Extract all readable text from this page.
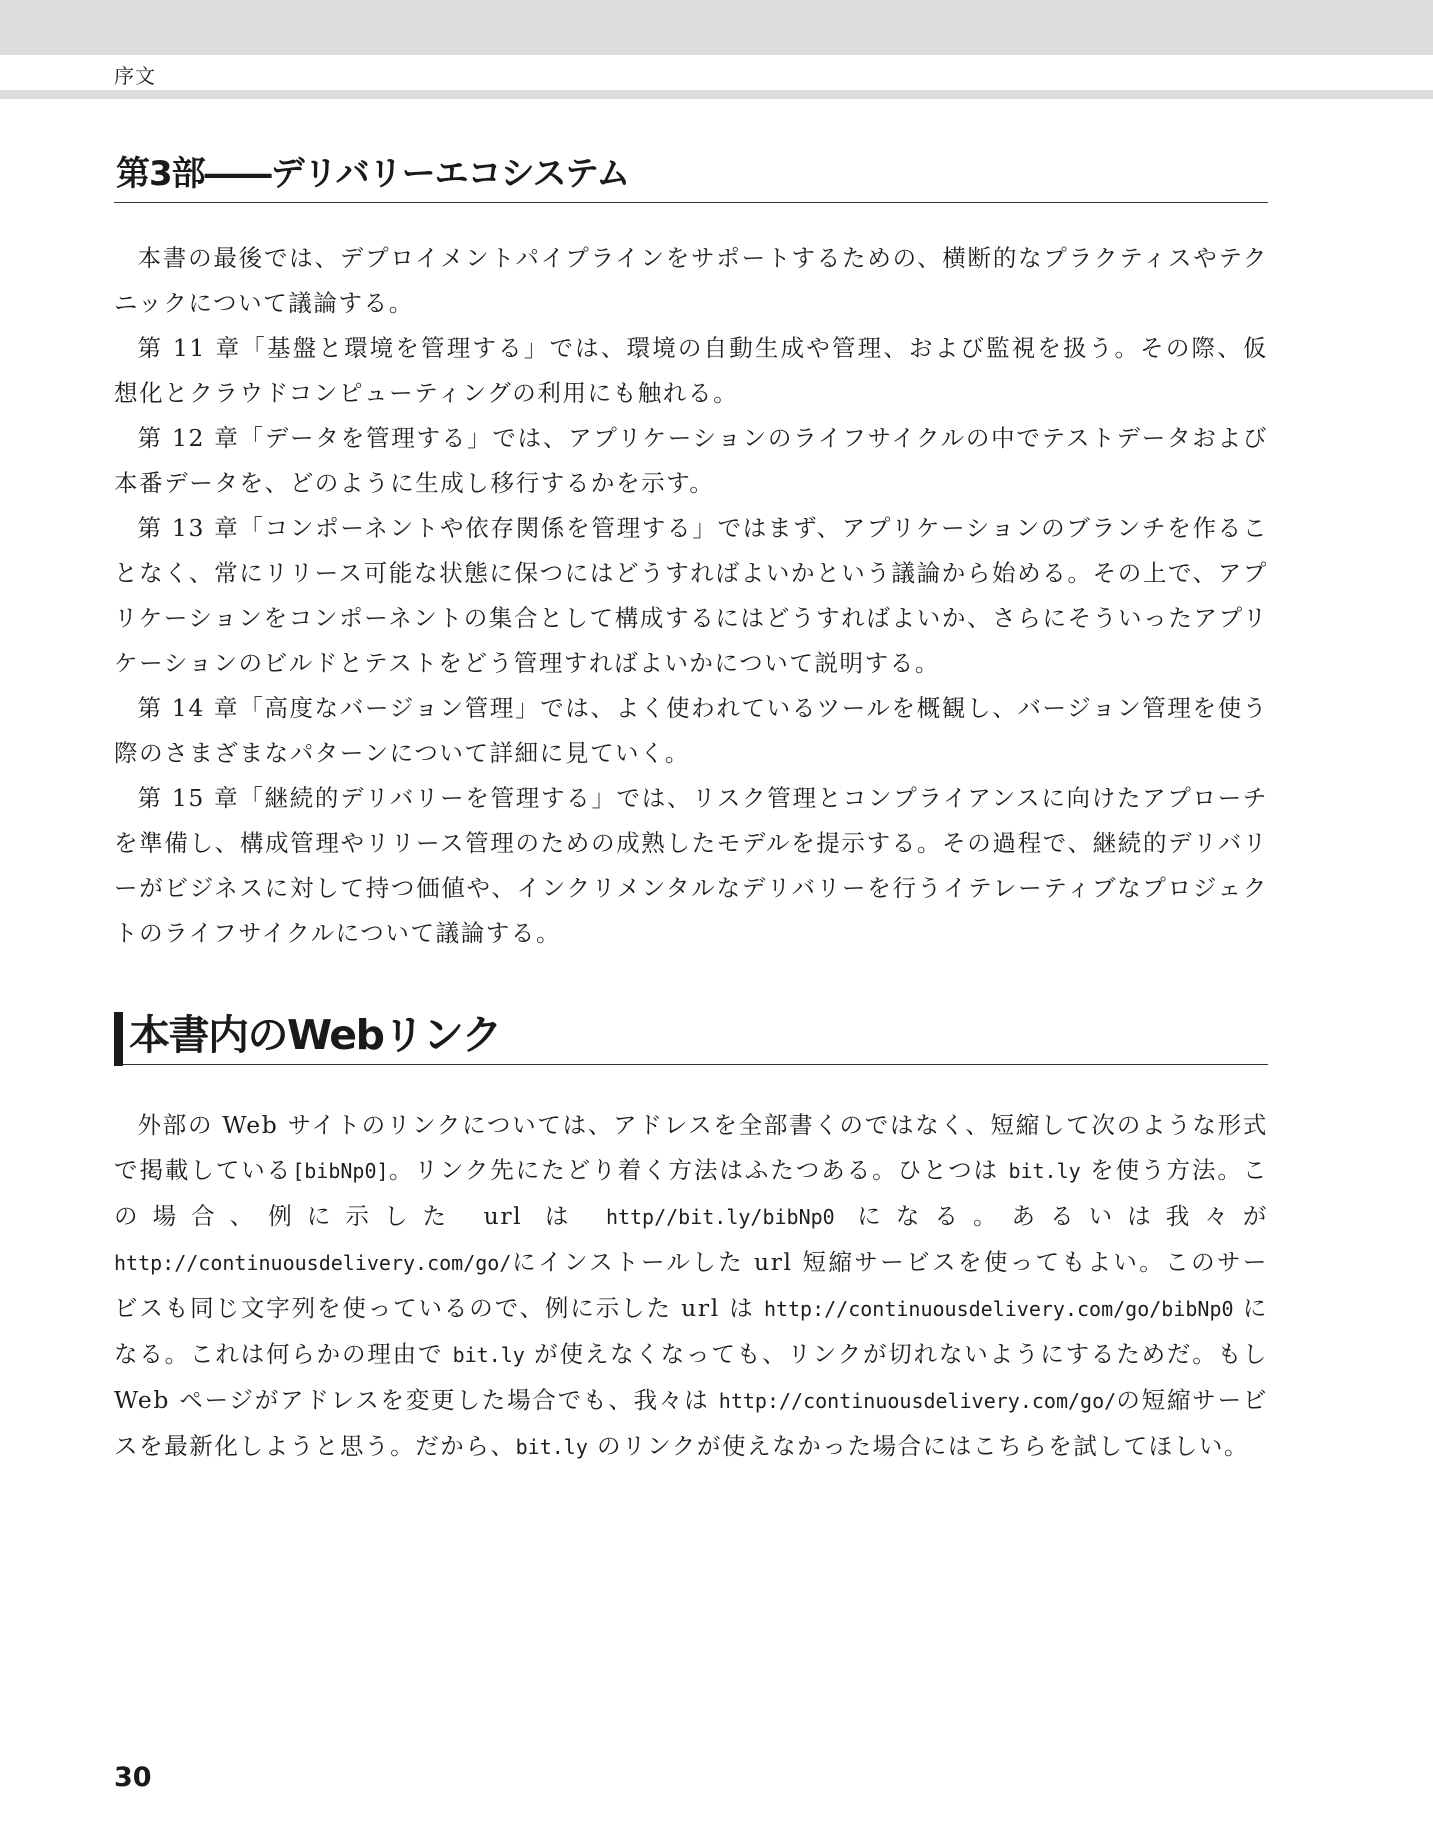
序文
第3部――デリバリーエコシステム

本書の最後では、デプロイメントパイプラインをサポートするための、横断的なプラクティスやテクニックについて議論する。

第 11 章「基盤と環境を管理する」では、環境の自動生成や管理、および監視を扱う。その際、仮想化とクラウドコンピューティングの利用にも触れる。

第 12 章「データを管理する」では、アプリケーションのライフサイクルの中でテストデータおよび本番データを、どのように生成し移行するかを示す。

第 13 章「コンポーネントや依存関係を管理する」ではまず、アプリケーションのブランチを作ることなく、常にリリース可能な状態に保つにはどうすればよいかという議論から始める。その上で、アプリケーションをコンポーネントの集合として構成するにはどうすればよいか、さらにそういったアプリケーションのビルドとテストをどう管理すればよいかについて説明する。

第 14 章「高度なバージョン管理」では、よく使われているツールを概観し、バージョン管理を使う際のさまざまなパターンについて詳細に見ていく。

第 15 章「継続的デリバリーを管理する」では、リスク管理とコンプライアンスに向けたアプローチを準備し、構成管理やリリース管理のための成熟したモデルを提示する。その過程で、継続的デリバリーがビジネスに対して持つ価値や、インクリメンタルなデリバリーを行うイテレーティブなプロジェクトのライフサイクルについて議論する。

本書内のWebリンク

外部の Web サイトのリンクについては、アドレスを全部書くのではなく、短縮して次のような形式で掲載している[bibNp0]。リンク先にたどり着く方法はふたつある。ひとつは bit.ly を使う方法。この場合、例に示した url は http//bit.ly/bibNp0 になる。あるいは我々が http://continuousdelivery.com/go/にインストールした url 短縮サービスを使ってもよい。このサービスも同じ文字列を使っているので、例に示した url は http://continuousdelivery.com/go/bibNp0 になる。これは何らかの理由で bit.ly が使えなくなっても、リンクが切れないようにするためだ。もし Web ページがアドレスを変更した場合でも、我々は http://continuousdelivery.com/go/の短縮サービスを最新化しようと思う。だから、bit.ly のリンクが使えなかった場合にはこちらを試してほしい。

30
